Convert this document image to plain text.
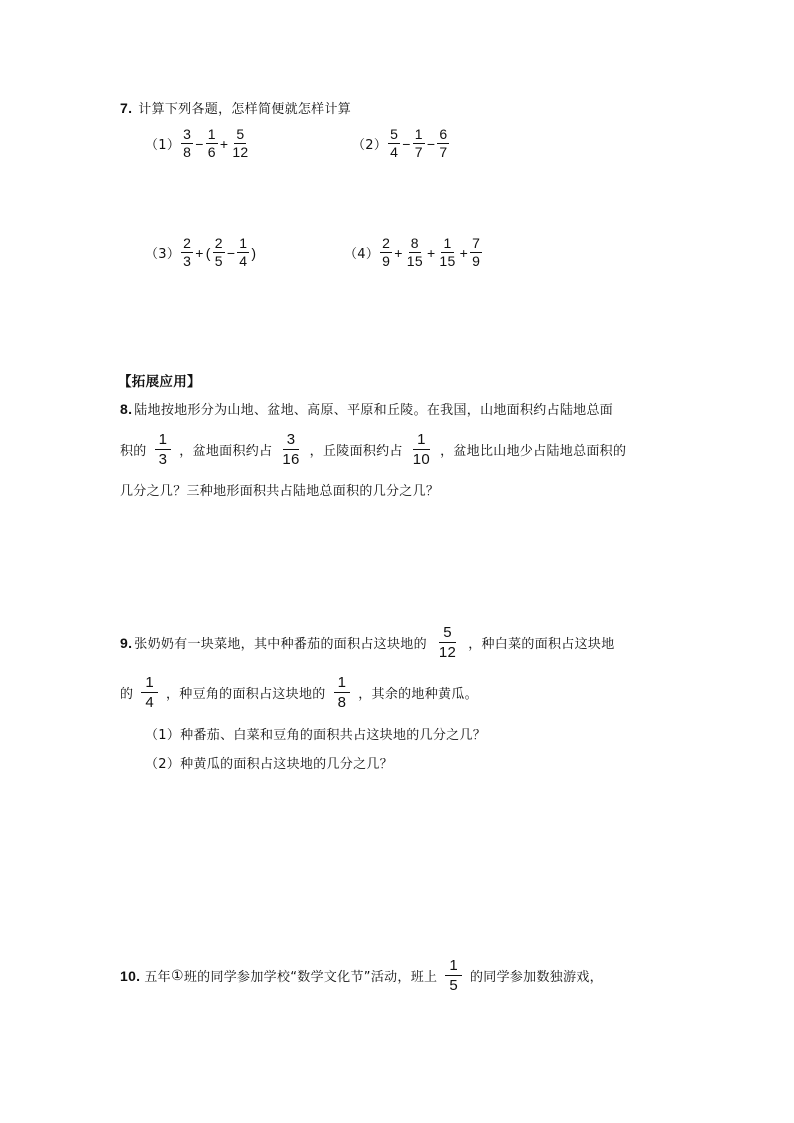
7. 计算下列各题，怎样简便就怎样计算
$(1) \frac{3}{8} - \frac{1}{6} + \frac{5}{12}$	$(2) \frac{5}{4} - \frac{1}{7} - \frac{6}{7}$
$(3) \frac{2}{3}$ + ( $\frac{2}{5} - \frac{1}{4}$ )	$(4) \frac{2}{9} + \frac{8}{15} + \frac{1}{15} + \frac{7}{9}$
【拓展应用】
8. 陆地按地形分为山地、盆地、高原、平原和丘陵。在我国，山地面积约占陆地总面
积的 $\frac{1}{3}$ ，盆地面积约占 $\frac{3}{16}$ ，丘陵面积约占 $\frac{1}{10}$ ，盆地比山地少占陆地总面积的
几分之几？三种地形面积共占陆地总面积的几分之几？
9. 张奶奶有一块菜地，其中种番茄的面积占这块地的 $\frac{5}{12}$ ，种白菜的面积占这块地
的 $\frac{1}{4}$ ，种豆角的面积占这块地的 $\frac{1}{8}$ ，其余的地种黄瓜。
（1）种番茄、白菜和豆角的面积共占这块地的几分之几？
（2）种黄瓜的面积占这块地的几分之几？
10. 五年 ① 班的同学参加学校“数学文化节”活动，班上 $\frac{1}{5}$ 的同学参加数独游戏，
